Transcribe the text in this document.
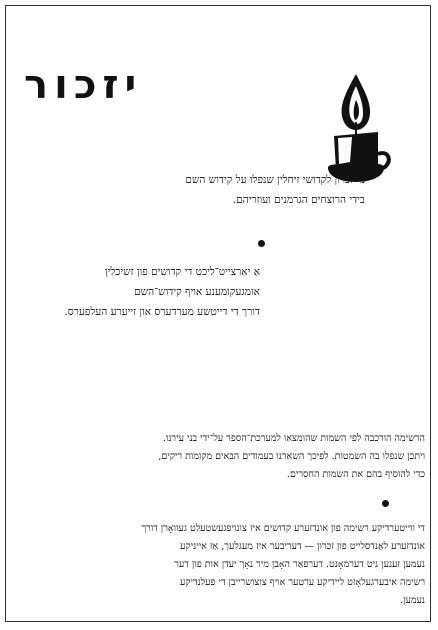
יזכור
נר זכרון לקדושי זיחלין שנפלו על קידוש השם
בידי הרוצחים הגרמנים ועוזריהם.
אַ יארצייט־ליכט די קדושים פון זשיכלין
אומגעקומענע אויף קידוש־השם
דורך די דייטשע מערדערס און זייערע העלפערס.
הרשימה הורכבה לפי השמות שהומצאו למערכת־הספר על־ידי בני עירנו.
ויתכן שנפלו בה השמטות. לפיכך השארנו בעמודים הבאים מקומות ריקים,
כדי להוסיף בהם את השמות החסרים.
די ווייטערדיקע רשימה פון אונדזערע קדושים איז צונויפגעשטעלט געוואָרן דורך
אונדזערע לאַנדסלייט פון זכרון — דעריבער איז מעגלעך, אַז אייניקע
נעמען זענען ניט דערמאָנט. דערפאַר האָבן מיר נאָך יעדן אות פון דער
רשימה איבערגעלאָזט ליידיקע ערטער אויף צוצושרייבן די פעלנדיקע
נעמען.
